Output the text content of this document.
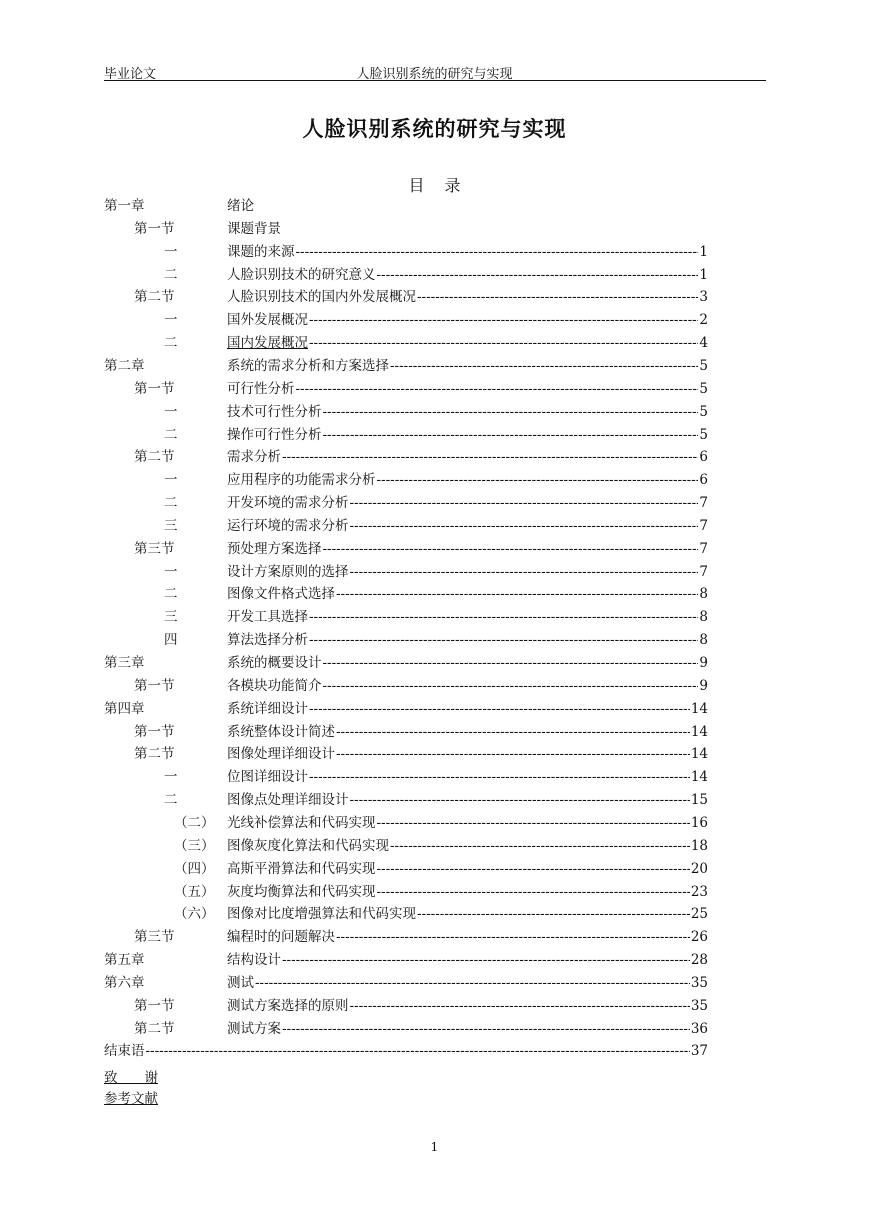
毕业论文	人脸识别系统的研究与实现
人脸识别系统的研究与实现
目录
第一章	绪论
第一节	课题背景
一	课题的来源 -----	1
二	人脸识别技术的研究意义 -----	1
第二节	人脸识别技术的国内外发展概况 -----	3
一	国外发展概况 -----	2
二	国内发展概况 -----	4
第二章	系统的需求分析和方案选择 -----	5
第一节	可行性分析 -----	5
一	技术可行性分析 -----	5
二	操作可行性分析 -----	5
第二节	需求分析 -----	6
一	应用程序的功能需求分析 -----	6
二	开发环境的需求分析 -----	7
三	运行环境的需求分析 -----	7
第三节	预处理方案选择 -----	7
一	设计方案原则的选择 -----	7
二	图像文件格式选择 -----	8
三	开发工具选择 -----	8
四	算法选择分析 -----	8
第三章	系统的概要设计 -----	9
第一节	各模块功能简介 -----	9
第四章	系统详细设计 -----	14
第一节	系统整体设计简述 -----	14
第二节	图像处理详细设计 -----	14
一	位图详细设计 -----	14
二	图像点处理详细设计 -----	15
（二） 光线补偿算法和代码实现 -----	16
（三） 图像灰度化算法和代码实现 -----	18
（四） 高斯平滑算法和代码实现 -----	20
（五） 灰度均衡算法和代码实现 -----	23
（六） 图像对比度增强算法和代码实现 -----	25
第三节	编程时的问题解决 -----	26
第五章	结构设计 -----	28
第六章	测试 -----	35
第一节	测试方案选择的原则 -----	35
第二节	测试方案 -----	36
结束语 -----	37
致　　谢
参考文献
1
